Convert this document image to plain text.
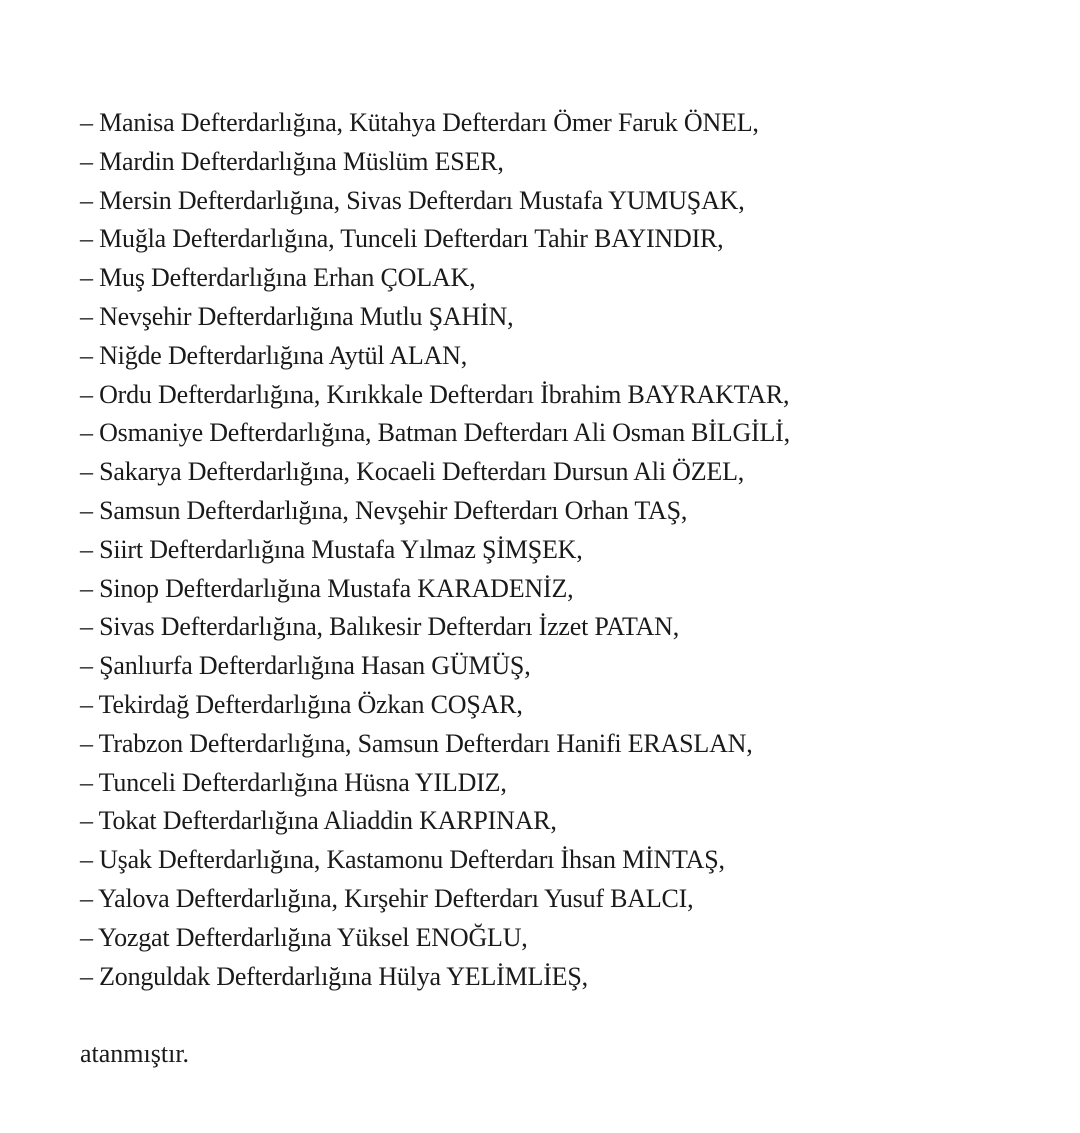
– Manisa Defterdarlığına, Kütahya Defterdarı Ömer Faruk ÖNEL,
– Mardin Defterdarlığına Müslüm ESER,
– Mersin Defterdarlığına, Sivas Defterdarı Mustafa YUMUŞAK,
– Muğla Defterdarlığına, Tunceli Defterdarı Tahir BAYINDIR,
– Muş Defterdarlığına Erhan ÇOLAK,
– Nevşehir Defterdarlığına Mutlu ŞAHİN,
– Niğde Defterdarlığına Aytül ALAN,
– Ordu Defterdarlığına, Kırıkkale Defterdarı İbrahim BAYRAKTAR,
– Osmaniye Defterdarlığına, Batman Defterdarı Ali Osman BİLGİLİ,
– Sakarya Defterdarlığına, Kocaeli Defterdarı Dursun Ali ÖZEL,
– Samsun Defterdarlığına, Nevşehir Defterdarı Orhan TAŞ,
– Siirt Defterdarlığına Mustafa Yılmaz ŞİMŞEK,
– Sinop Defterdarlığına Mustafa KARADENİZ,
– Sivas Defterdarlığına, Balıkesir Defterdarı İzzet PATAN,
– Şanlıurfa Defterdarlığına Hasan GÜMÜŞ,
– Tekirdağ Defterdarlığına Özkan COŞAR,
– Trabzon Defterdarlığına, Samsun Defterdarı Hanifi ERASLAN,
– Tunceli Defterdarlığına Hüsna YILDIZ,
– Tokat Defterdarlığına Aliaddin KARPINAR,
– Uşak Defterdarlığına, Kastamonu Defterdarı İhsan MİNTAŞ,
– Yalova Defterdarlığına, Kırşehir Defterdarı Yusuf BALCI,
– Yozgat Defterdarlığına Yüksel ENOĞLU,
– Zonguldak Defterdarlığına Hülya YELİMLİEŞ,
atanmıştır.
